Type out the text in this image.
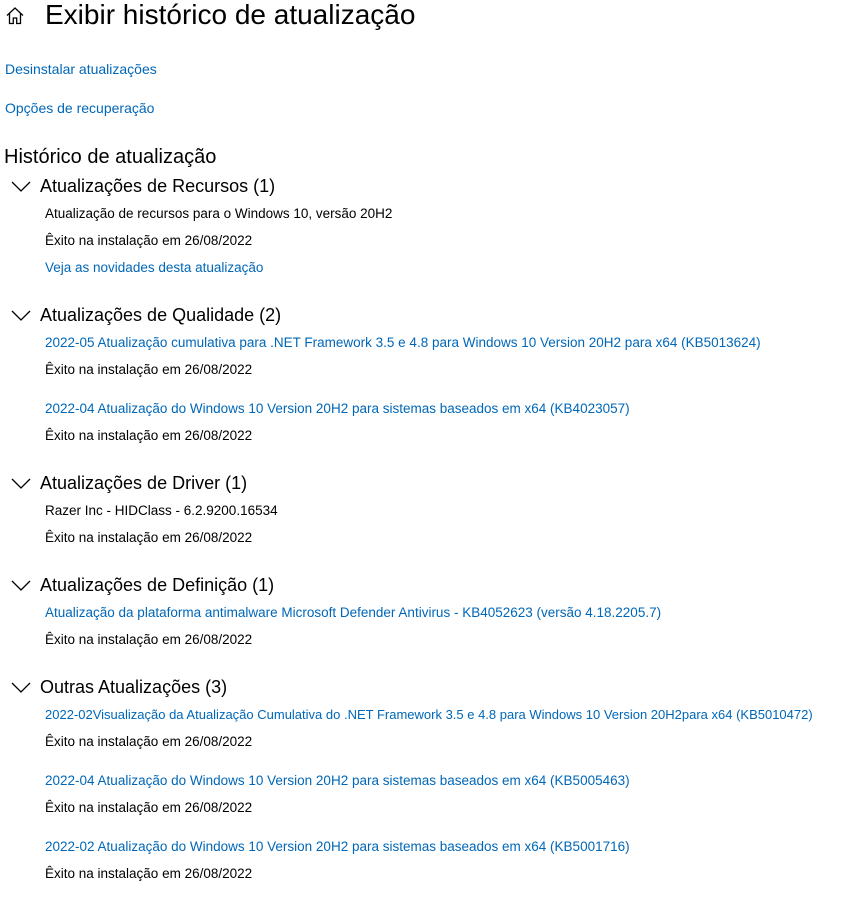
Exibir histórico de atualização
Desinstalar atualizações
Opções de recuperação
Histórico de atualização
Atualizações de Recursos (1)
Atualização de recursos para o Windows 10, versão 20H2
Êxito na instalação em 26/08/2022
Veja as novidades desta atualização
Atualizações de Qualidade (2)
2022-05 Atualização cumulativa para .NET Framework 3.5 e 4.8 para Windows 10 Version 20H2 para x64 (KB5013624)
Êxito na instalação em 26/08/2022
2022-04 Atualização do Windows 10 Version 20H2 para sistemas baseados em x64 (KB4023057)
Êxito na instalação em 26/08/2022
Atualizações de Driver (1)
Razer Inc - HIDClass - 6.2.9200.16534
Êxito na instalação em 26/08/2022
Atualizações de Definição (1)
Atualização da plataforma antimalware Microsoft Defender Antivirus - KB4052623 (versão 4.18.2205.7)
Êxito na instalação em 26/08/2022
Outras Atualizações (3)
2022-02Visualização da Atualização Cumulativa do .NET Framework 3.5 e 4.8 para Windows 10 Version 20H2para x64 (KB5010472)
Êxito na instalação em 26/08/2022
2022-04 Atualização do Windows 10 Version 20H2 para sistemas baseados em x64 (KB5005463)
Êxito na instalação em 26/08/2022
2022-02 Atualização do Windows 10 Version 20H2 para sistemas baseados em x64 (KB5001716)
Êxito na instalação em 26/08/2022
